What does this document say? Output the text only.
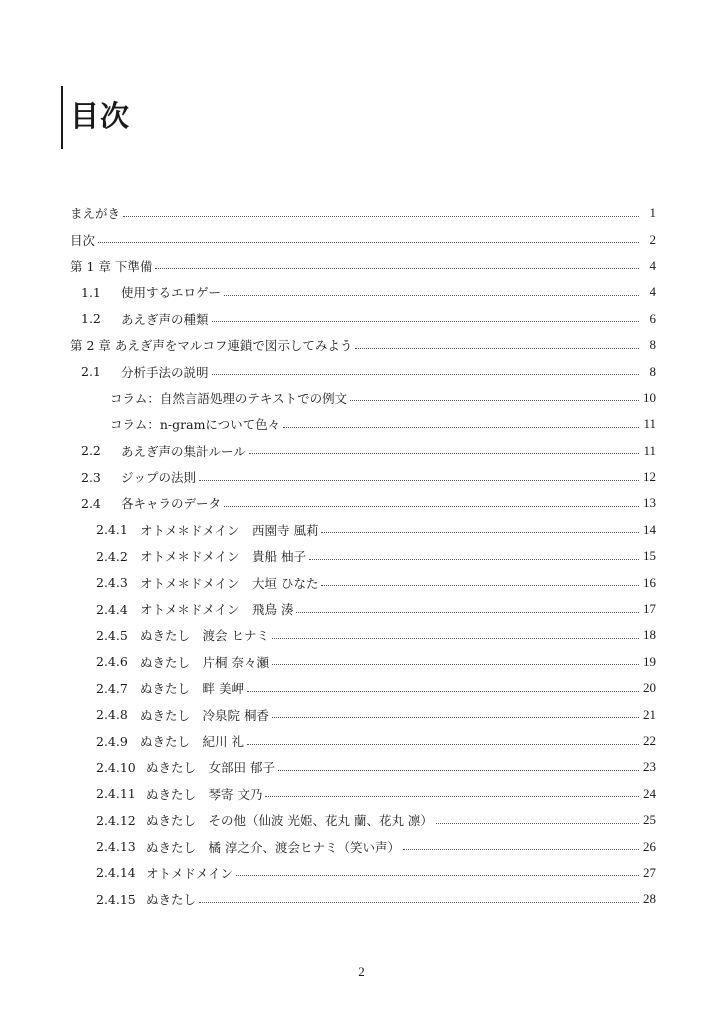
目次
まえがき	1
目次	2
第 1 章 下準備	4
1.1	使用するエロゲー	4
1.2	あえぎ声の種類	6
第 2 章 あえぎ声をマルコフ連鎖で図示してみよう	8
2.1	分析手法の説明	8
コラム：自然言語処理のテキストでの例文	10
コラム：n-gramについて色々	11
2.2	あえぎ声の集計ルール	11
2.3	ジップの法則	12
2.4	各キャラのデータ	13
2.4.1 オトメ＊ドメイン　西園寺 風莉	14
2.4.2 オトメ＊ドメイン　貴船 柚子	15
2.4.3 オトメ＊ドメイン　大垣 ひなた	16
2.4.4 オトメ＊ドメイン　飛鳥 湊	17
2.4.5 ぬきたし　渡会 ヒナミ	18
2.4.6 ぬきたし　片桐 奈々瀬	19
2.4.7 ぬきたし　畔 美岬	20
2.4.8 ぬきたし　冷泉院 桐香	21
2.4.9 ぬきたし　紀川 礼	22
2.4.10 ぬきたし　女部田 郁子	23
2.4.11 ぬきたし　琴寄 文乃	24
2.4.12 ぬきたし　その他（仙波 光姫、花丸 蘭、花丸 凛）	25
2.4.13 ぬきたし　橘 淳之介、渡会ヒナミ（笑い声）	26
2.4.14 オトメドメイン	27
2.4.15 ぬきたし	28
2
